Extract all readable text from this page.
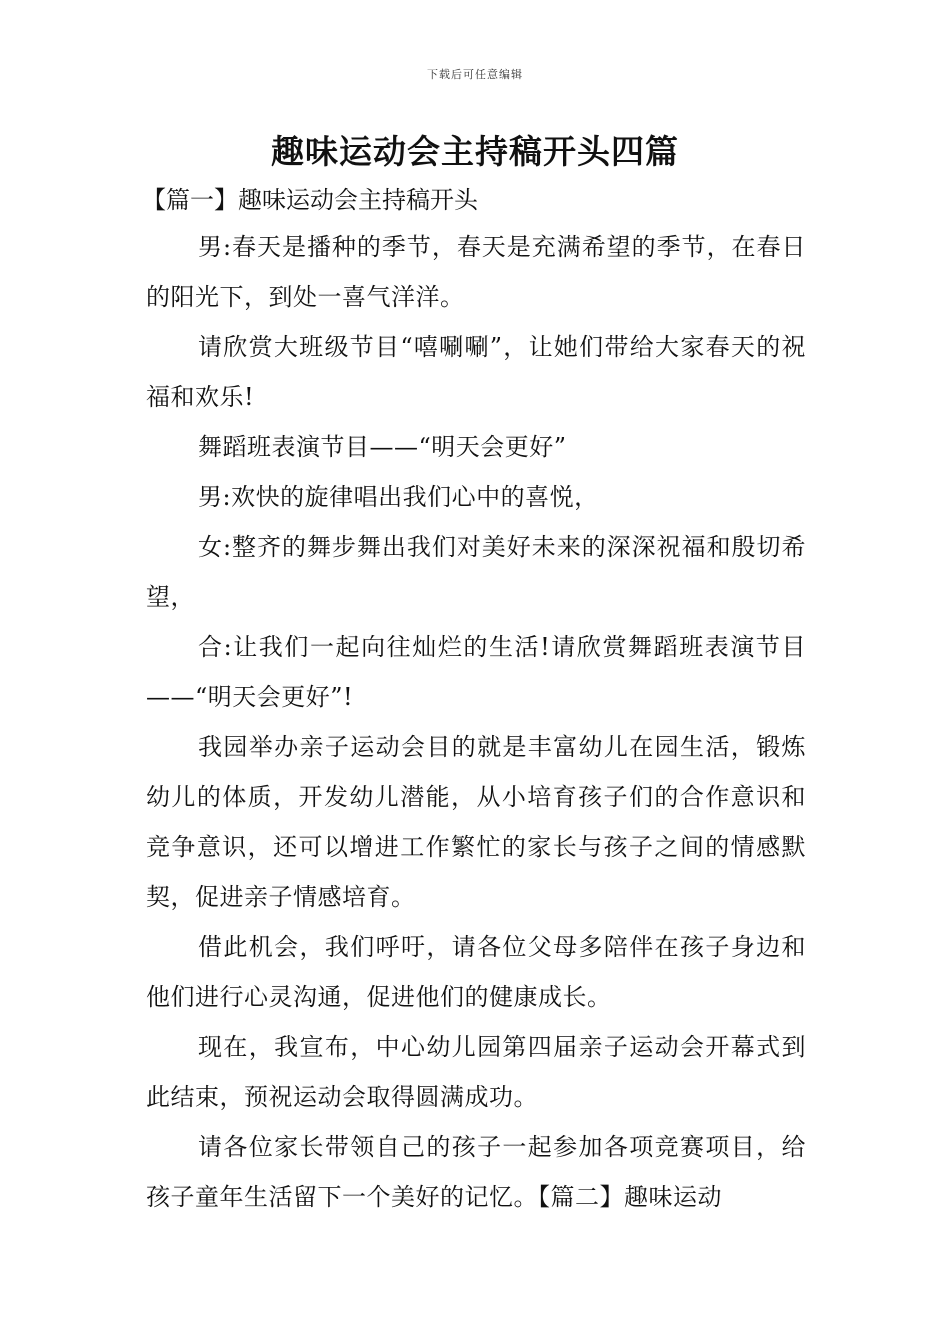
下载后可任意编辑
趣味运动会主持稿开头四篇
【篇一】趣味运动会主持稿开头

男:春天是播种的季节，春天是充满希望的季节，在春日的阳光下，到处一喜气洋洋。

请欣赏大班级节目“嘻唰唰”，让她们带给大家春天的祝福和欢乐!

舞蹈班表演节目——“明天会更好”

男:欢快的旋律唱出我们心中的喜悦，

女:整齐的舞步舞出我们对美好未来的深深祝福和殷切希望，

合:让我们一起向往灿烂的生活!请欣赏舞蹈班表演节目——“明天会更好”!

我园举办亲子运动会目的就是丰富幼儿在园生活，锻炼幼儿的体质，开发幼儿潜能，从小培育孩子们的合作意识和竞争意识，还可以增进工作繁忙的家长与孩子之间的情感默契，促进亲子情感培育。

借此机会，我们呼吁，请各位父母多陪伴在孩子身边和他们进行心灵沟通，促进他们的健康成长。

现在，我宣布，中心幼儿园第四届亲子运动会开幕式到此结束，预祝运动会取得圆满成功。

请各位家长带领自己的孩子一起参加各项竞赛项目，给孩子童年生活留下一个美好的记忆。【篇二】趣味运动
